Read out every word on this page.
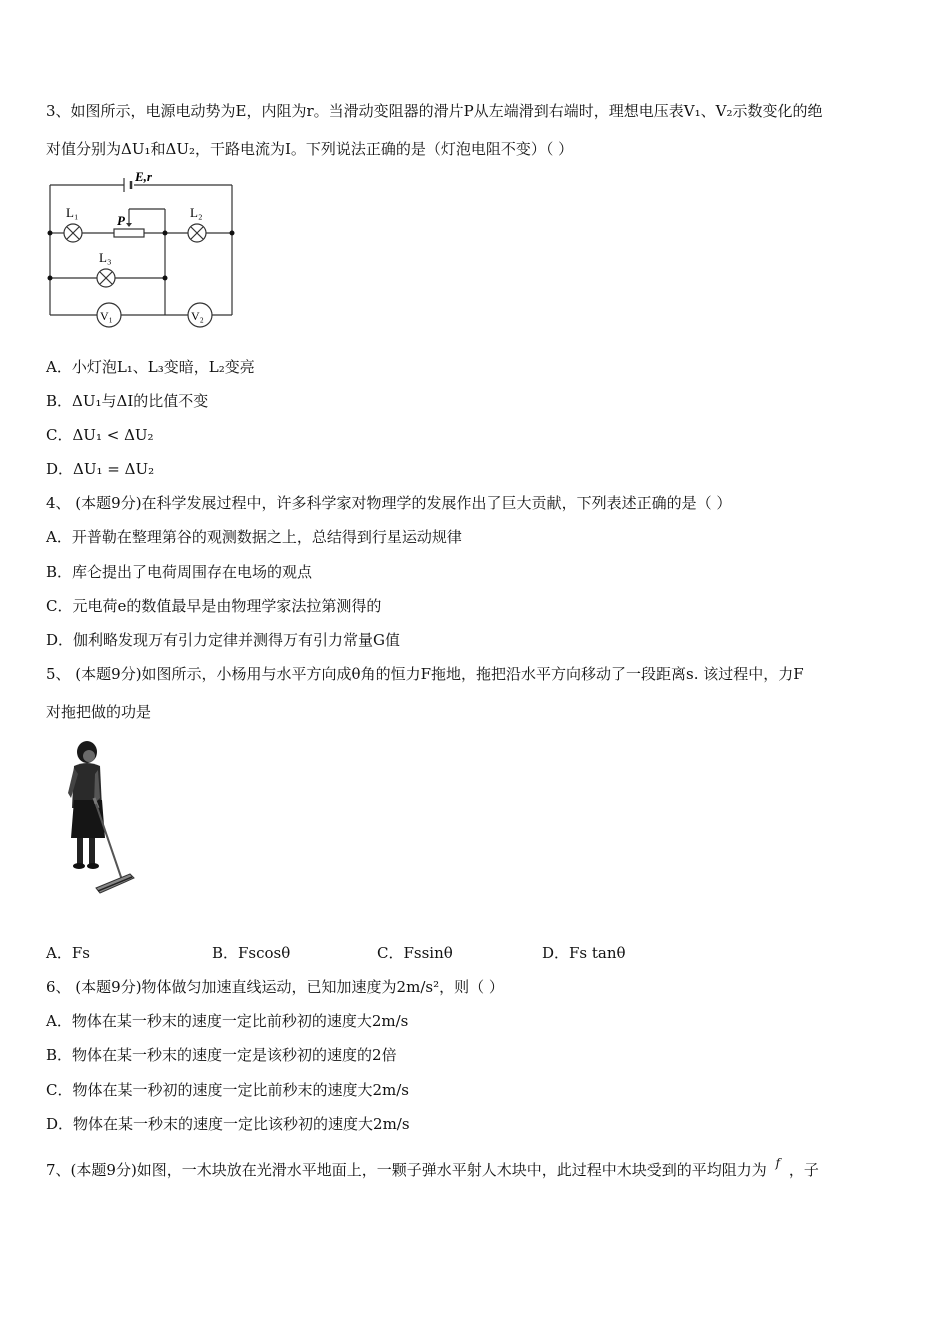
3、如图所示，电源电动势为E，内阻为r。当滑动变阻器的滑片P从左端滑到右端时，理想电压表V₁、V₂示数变化的绝
对值分别为ΔU₁和ΔU₂，干路电流为I。下列说法正确的是（灯泡电阻不变）（ ）
E,r
L₁	L₂
L₃
P
V₁	V₂
A．小灯泡L₁、L₃变暗，L₂变亮
B．ΔU₁与ΔI的比值不变
C．ΔU₁ < ΔU₂
D．ΔU₁ = ΔU₂
4、 (本题9分)在科学发展过程中，许多科学家对物理学的发展作出了巨大贡献，下列表述正确的是（ ）
A．开普勒在整理第谷的观测数据之上，总结得到行星运动规律
B．库仑提出了电荷周围存在电场的观点
C．元电荷e的数值最早是由物理学家法拉第测得的
D．伽利略发现万有引力定律并测得万有引力常量G值
5、 (本题9分)如图所示，小杨用与水平方向成θ角的恒力F拖地，拖把沿水平方向移动了一段距离s. 该过程中，力F
对拖把做的功是
A．Fs	B．Fscosθ	C．Fssinθ	D．Fs tanθ
6、 (本题9分)物体做匀加速直线运动，已知加速度为2m/s²，则（ ）
A．物体在某一秒末的速度一定比前秒初的速度大2m/s
B．物体在某一秒末的速度一定是该秒初的速度的2倍
C．物体在某一秒初的速度一定比前秒末的速度大2m/s
D．物体在某一秒末的速度一定比该秒初的速度大2m/s
7、(本题9分)如图，一木块放在光滑水平地面上，一颗子弹水平射人木块中，此过程中木块受到的平均阻力为 $^f$ ，子
